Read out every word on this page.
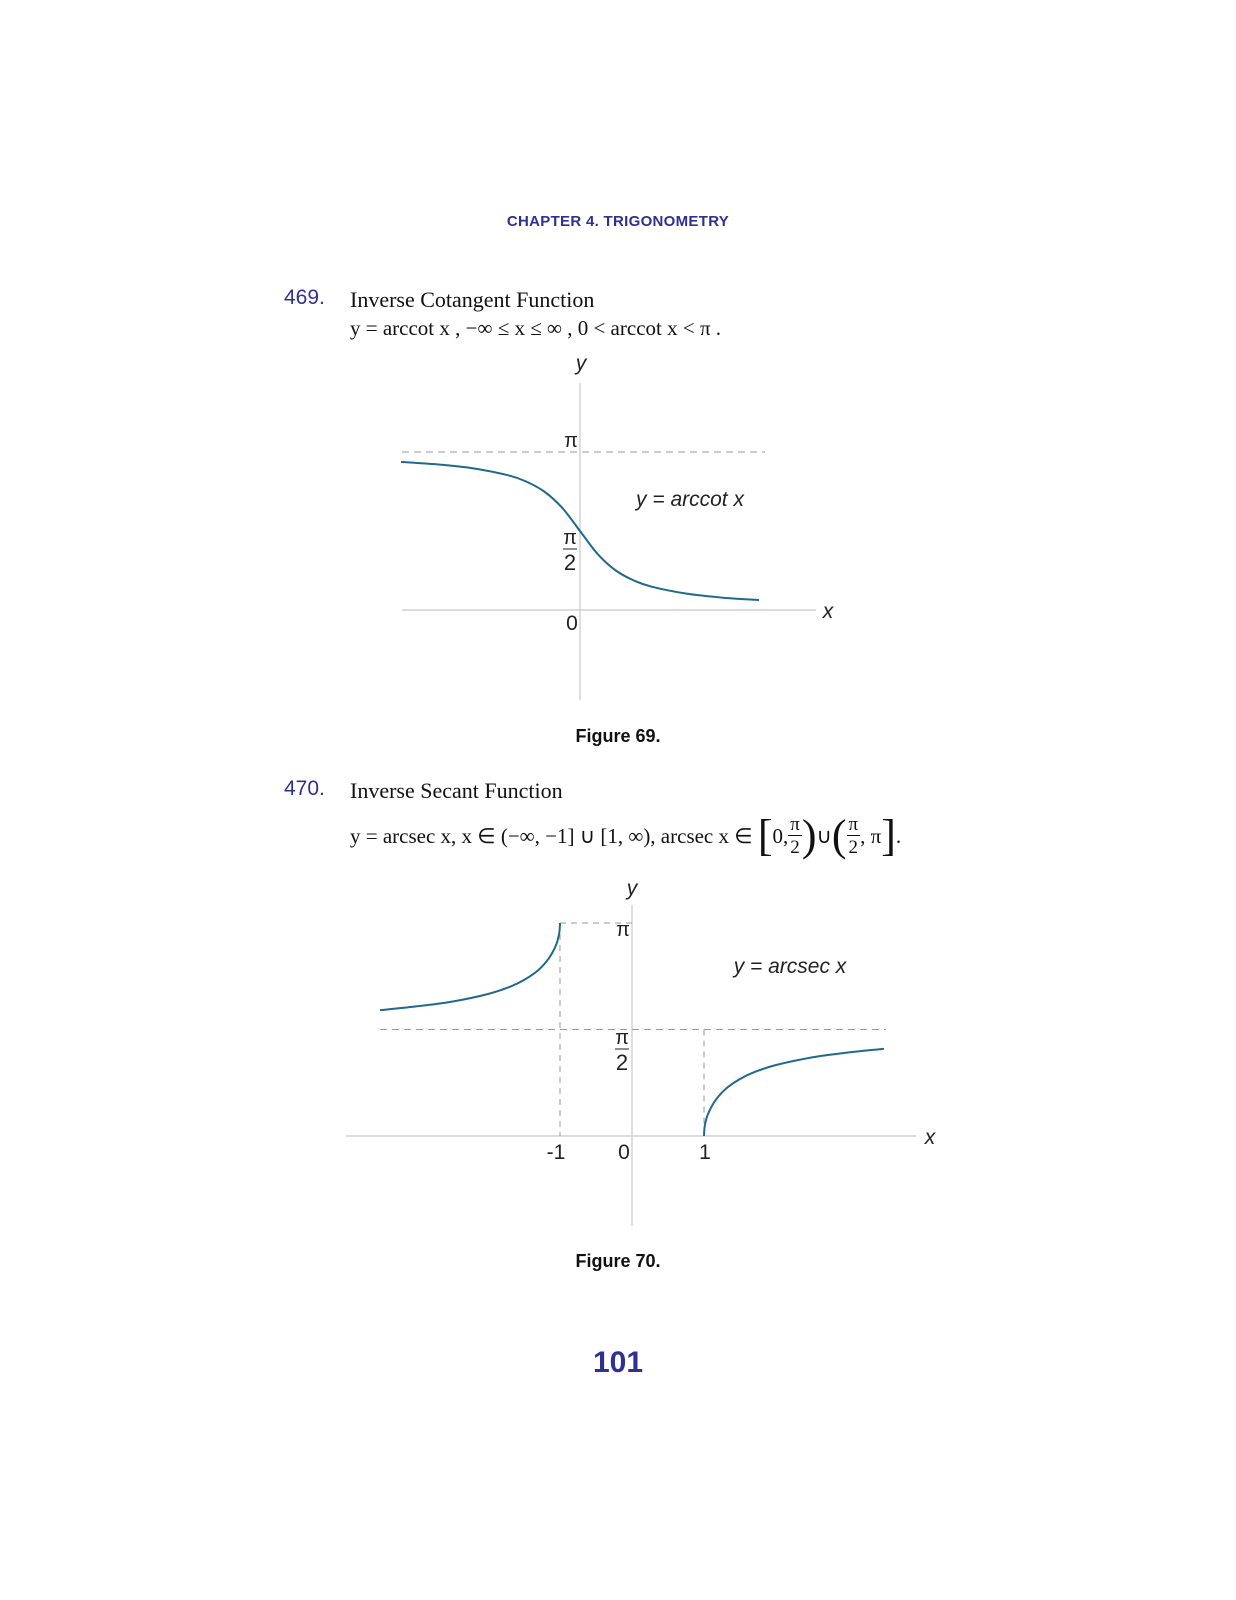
CHAPTER 4. TRIGONOMETRY
469. Inverse Cotangent Function
y = arccot x , −∞ ≤ x ≤ ∞ , 0 < arccot x < π .
x
y
0
π
2
π
y = arccot x
Figure 69.
470. Inverse Secant Function
y = arcsec x, x ∈ (−∞, −1] ∪ [1, ∞), arcsec x ∈
[ 0, $\frac{\pi}{2}$ ) ∪ ( $\frac{\pi}{2}$ , π ] .
x
y
-1	0	1
π
2
π
y = arcsec x
Figure 70.
101
